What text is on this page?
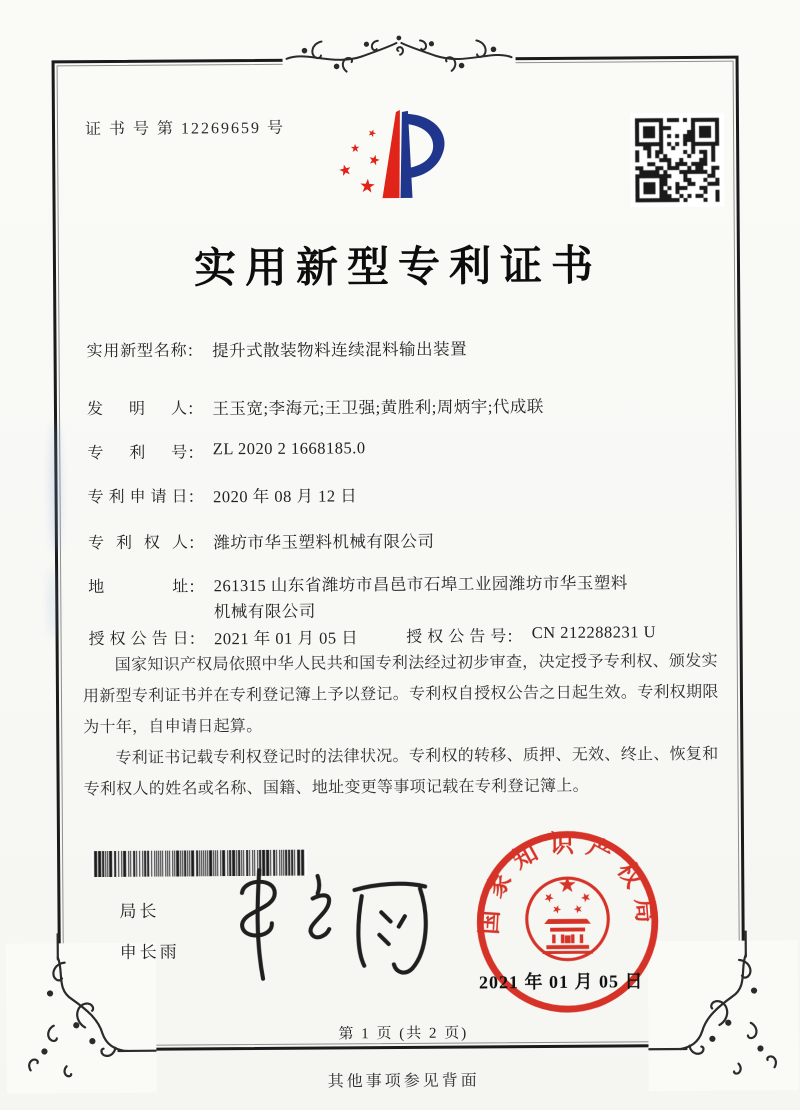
证 书 号 第 12269659 号
实用新型专利证书
实用新型名称： 提升式散装物料连续混料输出装置
发 明 人： 王玉宽;李海元;王卫强;黄胜利;周炳宇;代成联
专 利 号： ZL 2020 2 1668185.0
专利申请日： 2020 年 08 月 12 日
专 利 权 人： 潍坊市华玉塑料机械有限公司
地 址： 261315 山东省潍坊市昌邑市石埠工业园潍坊市华玉塑料机械有限公司
授权公告日： 2021 年 01 月 05 日	授权公告号： CN 212288231 U

国家知识产权局依照中华人民共和国专利法经过初步审查，决定授予专利权、颁发实用新型专利证书并在专利登记簿上予以登记。专利权自授权公告之日起生效。专利权期限为十年，自申请日起算。

专利证书记载专利权登记时的法律状况。专利权的转移、质押、无效、终止、恢复和专利权人的姓名或名称、国籍、地址变更等事项记载在专利登记簿上。

局长
申长雨
国家知识产权局
2021 年 01 月 05 日
第 1 页 (共 2 页)
其他事项参见背面
